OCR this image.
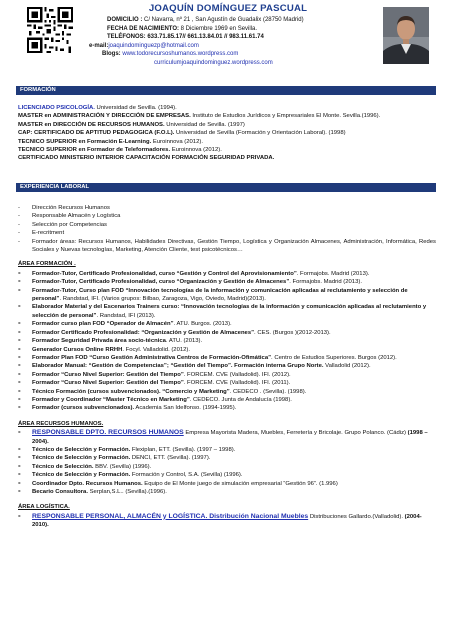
JOAQUÍN DOMÍNGUEZ PASCUAL
DOMICILIO : C/ Navarra, nº 21 , San Agustín de Guadalix (28750 Madrid)
FECHA DE NACIMIENTO: 8 Diciembre 1969 en Sevilla.
TELÉFONOS: 633.71.85.17// 661.13.84.01 // 983.11.61.74
e-mail:joaquindominguezp@hotmail.com
Blogs: www.todorecursoshumanos.wordpress.com
curriculumjoaquindominguez.wordpress.com
FORMACIÓN
LICENCIADO PSICOLOGÍA. Universidad de Sevilla. (1994).
MASTER en ADMINISTRACIÓN Y DIRECCIÓN DE EMPRESAS. Instituto de Estudios Jurídicos y Empresariales El Monte. Sevilla.(1996).
MASTER en DIRECCIÓN DE RECURSOS HUMANOS. Universidad de Sevilla. (1997)
CAP: CERTIFICADO DE APTITUD PEDAGOGICA (F.O.L). Universidad de Sevilla (Formación y Orientación Laboral). (1998)
TECNICO SUPERIOR en Formación E-Learning. Euroinnova (2012).
TECNICO SUPERIOR en Formador de Teleformadores. Euroinnova (2012).
CERTIFICADO MINISTERIO INTERIOR CAPACITACIÓN FORMACIÓN SEGURIDAD PRIVADA.
EXPERIENCIA LABORAL
- Dirección Recursos Humanos
- Responsable Almacén y Logística
- Selección por Competencias
- E-recritment
- Formador áreas: Recursos Humanos, Habilidades Directivas, Gestión Tiempo, Logística y Organización Almacenes, Administración, Informática, Redes Sociales y Nuevas tecnologías, Marketing, Atención Cliente, test psicotécnicos…
ÁREA FORMACIÓN .
- Formador-Tutor, Certificado Profesionalidad, curso “Gestión y Control del Aprovisionamiento”. Formajobs. Madrid (2013).
- Formador-Tutor, Certificado Profesionalidad, curso “Organización y Gestión de Almacenes”. Formajobs. Madrid (2013).
- Formador-Tutor, Curso plan FOD “Innovación tecnologías de la información y comunicación aplicadas al reclutamiento y selección de personal”. Randstad, IFI. (Varios grupos: Bilbao, Zaragoza, Vigo, Oviedo, Madrid)(2013).
- Elaborador Material y del Escenarios Trainers curso: “Innovación tecnologías de la información y comunicación aplicadas al reclutamiento y selección de personal”. Randstad, IFI (2013).
- Formador curso plan FOD “Operador de Almacén”. ATU. Burgos. (2013).
- Formador Certificado Profesionalidad: “Organización y Gestión de Almacenes”. CES. (Burgos )(2012-2013).
- Formador Seguridad Privada área socio-técnica. ATU. (2013).
- Generador Cursos Online RRHH. Focyl. Valladolid. (2012).
- Formador Plan FOD “Curso Gestión Administrativa Centros de Formación-Ofimática”. Centro de Estudios Superiores. Burgos (2012).
- Elaborador Manual: “Gestión de Competencias”; “Gestión del Tiempo”. Formación interna Grupo Norte. Valladolid (2012).
- Formador “Curso Nivel Superior: Gestión del Tiempo”. FORCEM. CVE (Valladolid). IFI. (2012).
- Formador “Curso Nivel Superior: Gestión del Tiempo”. FORCEM. CVE (Valladolid). IFI. (2011).
- Técnico Formación (cursos subvencionados). “Comercio y Marketing”. CEDECO . (Sevilla). (1998).
- Formador y Coordinador “Master Técnico en Marketing”. CEDECO. Junta de Andalucía (1998).
- Formador (cursos subvencionados). Academia San Idelfonso. (1994-1995).
ÁREA RECURSOS HUMANOS.
- RESPONSABLE DPTO. RECURSOS HUMANOS Empresa Mayorista Madera, Muebles, Ferretería y Bricolaje. Grupo Polanco. (Cádiz) (1998 – 2004).
- Técnico de Selección y Formación. Flexiplan, ETT. (Sevilla). (1997 – 1998).
- Técnico de Selección y Formación. DENCI, ETT. (Sevilla). (1997).
- Técnico de Selección. BBV. (Sevilla) (1996).
- Técnico de Selección y Formación. Formación y Control, S.A. (Sevilla) (1996).
- Coordinador Dpto. Recursos Humanos. Equipo de El Monte juego de simulación empresarial “Gestión 96”. (1.996)
- Becario Consultora. Serplan,S.L.. (Sevilla).(1996).
ÁREA LOGÍSTICA.
- RESPONSABLE PERSONAL, ALMACÉN y LOGÍSTICA. Distribución Nacional Muebles Distribuciones Gallardo.(Valladolid). (2004- 2010).
